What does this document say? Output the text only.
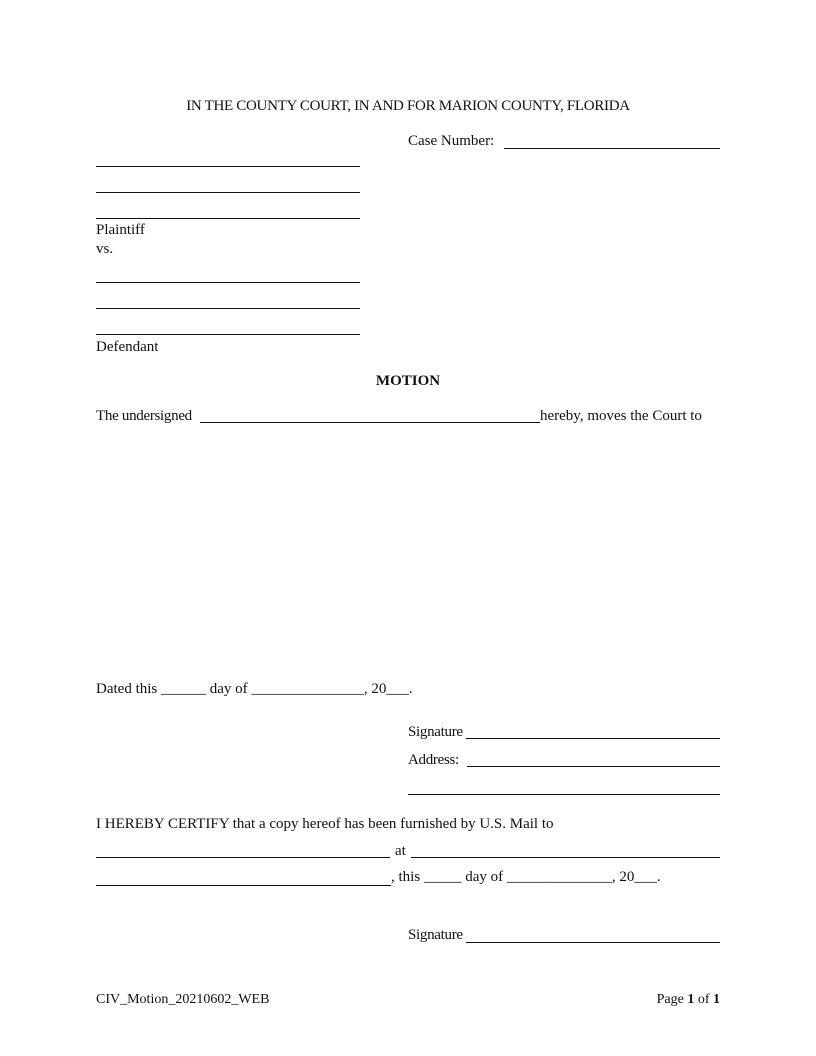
IN THE COUNTY COURT, IN AND FOR MARION COUNTY, FLORIDA
Case Number:
Plaintiff
vs.
Defendant
MOTION
The undersigned	hereby, moves the Court to
Dated this ______ day of _______________, 20___.
Signature
Address:
I HEREBY CERTIFY that a copy hereof has been furnished by U.S. Mail to
at
, this _____ day of ______________, 20___.
Signature
CIV_Motion_20210602_WEB	Page 1 of 1
